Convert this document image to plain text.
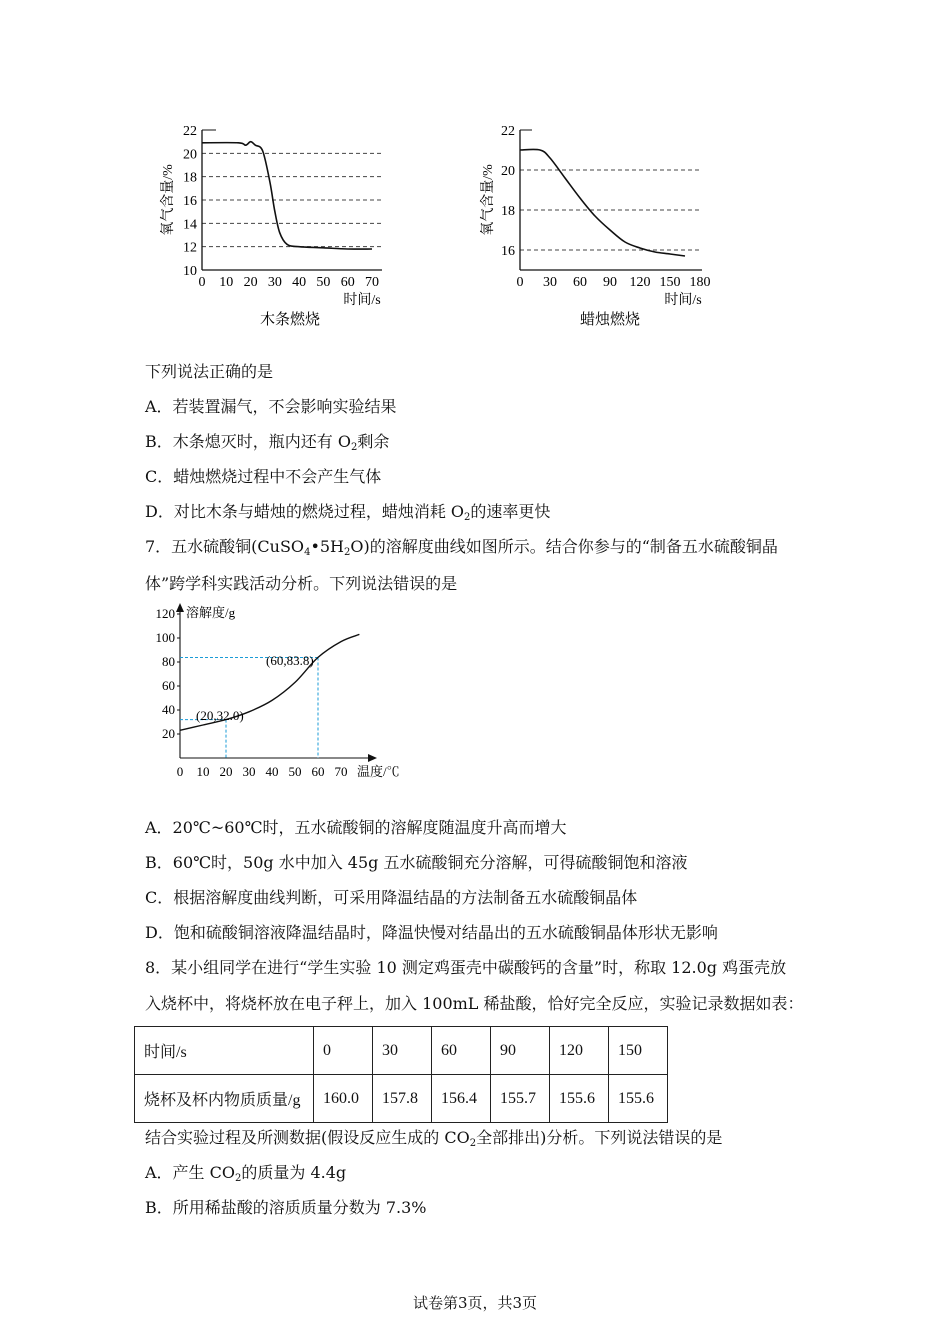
22
20
18
16
14
12
10
0 10 20 30 40 50 60 70
氧气含量/%
时间/s
木条燃烧
22
20
18
16
0 30 60 90 120 150 180
氧气含量/%
时间/s
蜡烛燃烧
下列说法正确的是
A．若装置漏气，不会影响实验结果
B．木条熄灭时，瓶内还有 O2剩余
C．蜡烛燃烧过程中不会产生气体
D．对比木条与蜡烛的燃烧过程，蜡烛消耗 O2的速率更快
7．五水硫酸铜(CuSO4•5H2O)的溶解度曲线如图所示。结合你参与的“制备五水硫酸铜晶
体”跨学科实践活动分析。下列说法错误的是
120
100
80
60
40
20
0 10 20 30 40 50 60 70
溶解度/g
温度/℃
(20,32.0)
(60,83.8)
A．20℃~60℃时，五水硫酸铜的溶解度随温度升高而增大
B．60℃时，50g 水中加入 45g 五水硫酸铜充分溶解，可得硫酸铜饱和溶液
C．根据溶解度曲线判断，可采用降温结晶的方法制备五水硫酸铜晶体
D．饱和硫酸铜溶液降温结晶时，降温快慢对结晶出的五水硫酸铜晶体形状无影响
8．某小组同学在进行“学生实验 10 测定鸡蛋壳中碳酸钙的含量”时，称取 12.0g 鸡蛋壳放
入烧杯中，将烧杯放在电子秤上，加入 100mL 稀盐酸，恰好完全反应，实验记录数据如表：
时间/s	0	30	60	90	120	150
烧杯及杯内物质质量/g	160.0	157.8	156.4	155.7	155.6	155.6
结合实验过程及所测数据(假设反应生成的 CO2全部排出)分析。下列说法错误的是
A．产生 CO2的质量为 4.4g
B．所用稀盐酸的溶质质量分数为 7.3%
试卷第3页，共3页
